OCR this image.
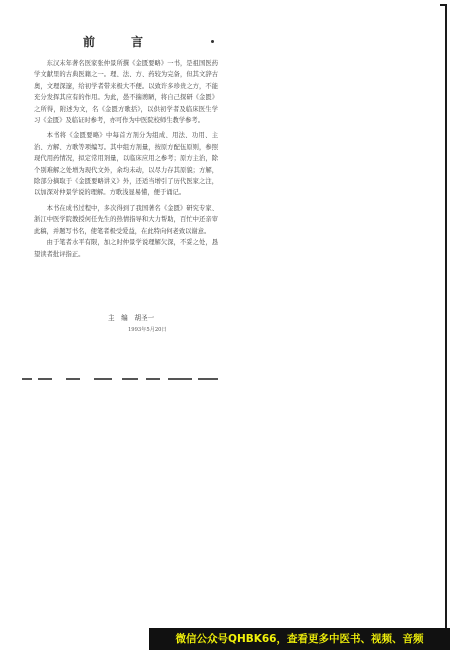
前　言

东汉末年著名医家张仲景所撰《金匮要略》一书，是祖国医药学文献里的古典医籍之一。理、法、方、药较为完备，但其文辞古奥，文理深邃，给初学者带来极大不便。以致许多珍贵之方，不能充分发挥其应有的作用。为此，愚不揣谫陋，将自己探研《金匮》之所得，附述为文，名《金匮方歌括》，以供初学者及临床医生学习《金匮》及临证时参考，亦可作为中医院校师生教学参考。

本书将《金匮要略》中每首方剂分为组成、用法、功用、主治、方解、方歌等项编写。其中组方剂量，按原方配伍原则，参照现代用药情况，拟定常用剂量，以临床应用之参考；原方主治，除个别难解之处增为现代文外，余均未动，以尽力存其原貌；方解，除部分摘取于《金匮要略讲义》外，还适当增引了历代医家之注，以加深对仲景学说的理解。方歌浅显易懂，便于诵记。

本书在成书过程中，多次得到了我国著名《金匮》研究专家、浙江中医学院教授何任先生的热情指导和大力帮助，百忙中还亲审此稿，并题写书名，使笔者极受爱益，在此特向何老致以谢意。

由于笔者水平有限，加之时仲景学说理解欠深，不妥之处，恳望读者批评指正。

主　编　胡圣一
1993年5月20日
微信公众号QHBK66，查看更多中医书、视频、音频
